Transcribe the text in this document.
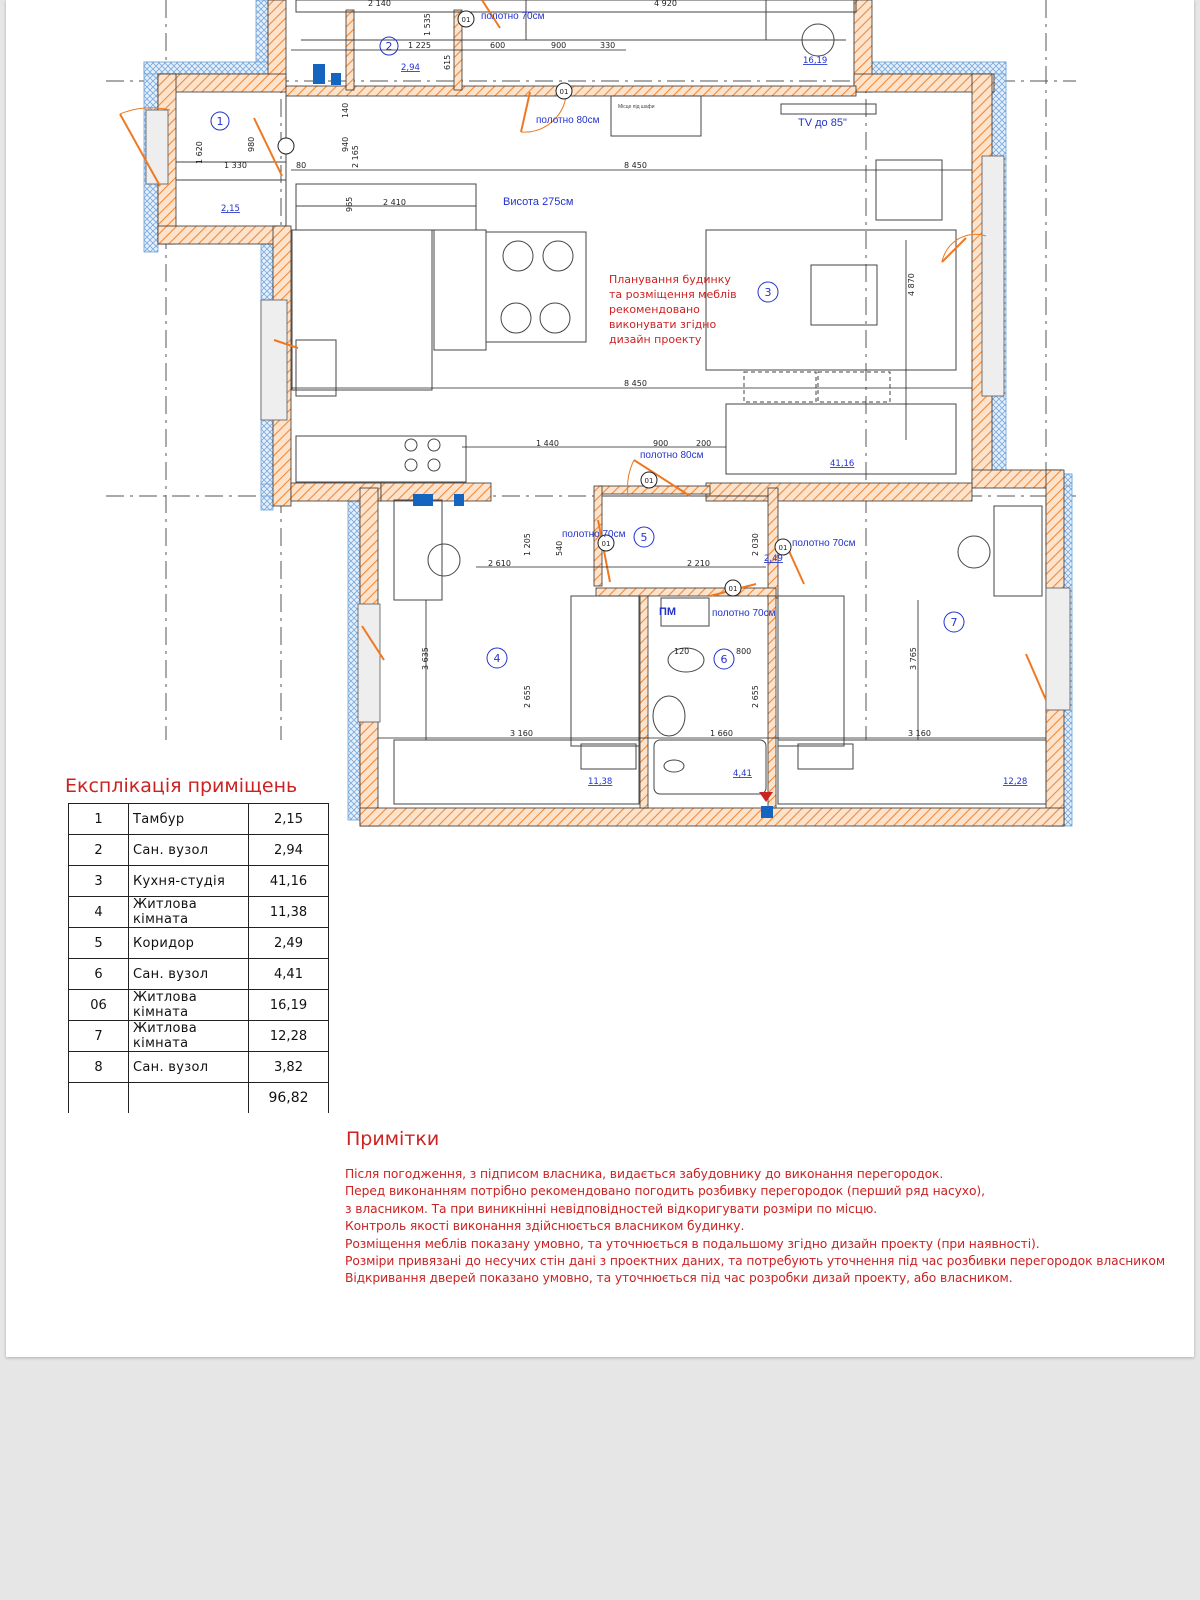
2 140	4 920
1 225	600	900	330
1 620
1 330
2 410
8 450
8 450
1 440	900	200
4 870
2 610	2 210
3 635
2 655	2 655
3 765
3 160	1 660	3 160
1 205	2 030
980	940
140
120	800
80
615
1 535
965
540
2 165
1
2
3
4
5
6
7
01
01
01
01	01
01
полотно 70см
полотно 80см
полотно 80см
полотно 70см
полотно 70см
полотно 70см
Висота 275см
TV до 85"
ПМ
Місце під шафи
2,15
2,94
16,19
41,16
11,38
4,41
2,49
12,28
Планування будинку
та розміщення меблів
рекомендовано
виконувати згідно
дизайн проекту
Експлікація приміщень
1	Тамбур	2,15
2	Сан. вузол	2,94
3	Кухня-студія	41,16
4	Житлова кімната	11,38
5	Коридор	2,49
6	Сан. вузол	4,41
06	Житлова кімната	16,19
7	Житлова кімната	12,28
8	Сан. вузол	3,82
		96,82
Примітки
Після погодження, з підписом власника, видається забудовнику до виконання перегородок.
Перед виконанням потрібно рекомендовано погодить розбивку перегородок (перший ряд насухо),
з власником. Та при виникнінні невідповідностей відкоригувати розміри по місцю.
Контроль якості виконання здійснюється власником будинку.
Розміщення меблів показану умовно, та уточнюється в подальшому згідно дизайн проекту (при наявності).
Розміри привязані до несучих стін дані з проектних даних, та потребують уточнення під час розбивки перегородок власником
Відкривання дверей показано умовно, та уточнюється під час розробки дизай проекту, або власником.
